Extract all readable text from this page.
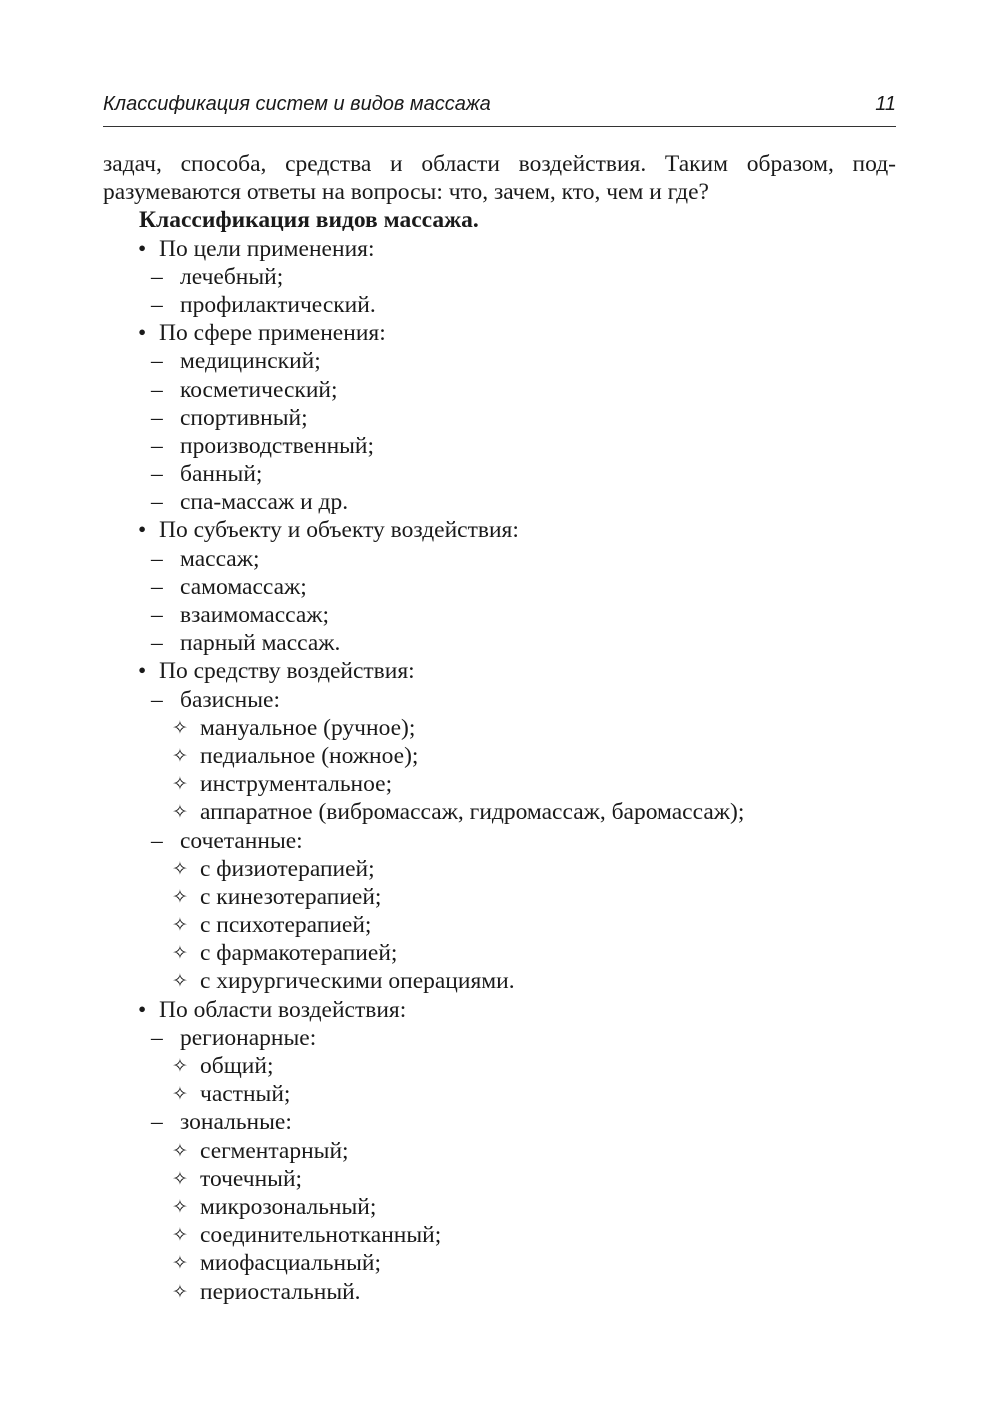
Классификация систем и видов массажа	11

задач, способа, средства и области воздействия. Таким образом, подразумеваются ответы на вопросы: что, зачем, кто, чем и где?

Классификация видов массажа.

• По цели применения:
– лечебный;
– профилактический.
• По сфере применения:
– медицинский;
– косметический;
– спортивный;
– производственный;
– банный;
– спа-массаж и др.
• По субъекту и объекту воздействия:
– массаж;
– самомассаж;
– взаимомассаж;
– парный массаж.
• По средству воздействия:
– базисные:
✧ мануальное (ручное);
✧ педиальное (ножное);
✧ инструментальное;
✧ аппаратное (вибромассаж, гидромассаж, баромассаж);
– сочетанные:
✧ с физиотерапией;
✧ с кинезотерапией;
✧ с психотерапией;
✧ с фармакотерапией;
✧ с хирургическими операциями.
• По области воздействия:
– регионарные:
✧ общий;
✧ частный;
– зональные:
✧ сегментарный;
✧ точечный;
✧ микрозональный;
✧ соединительнотканный;
✧ миофасциальный;
✧ периостальный.
